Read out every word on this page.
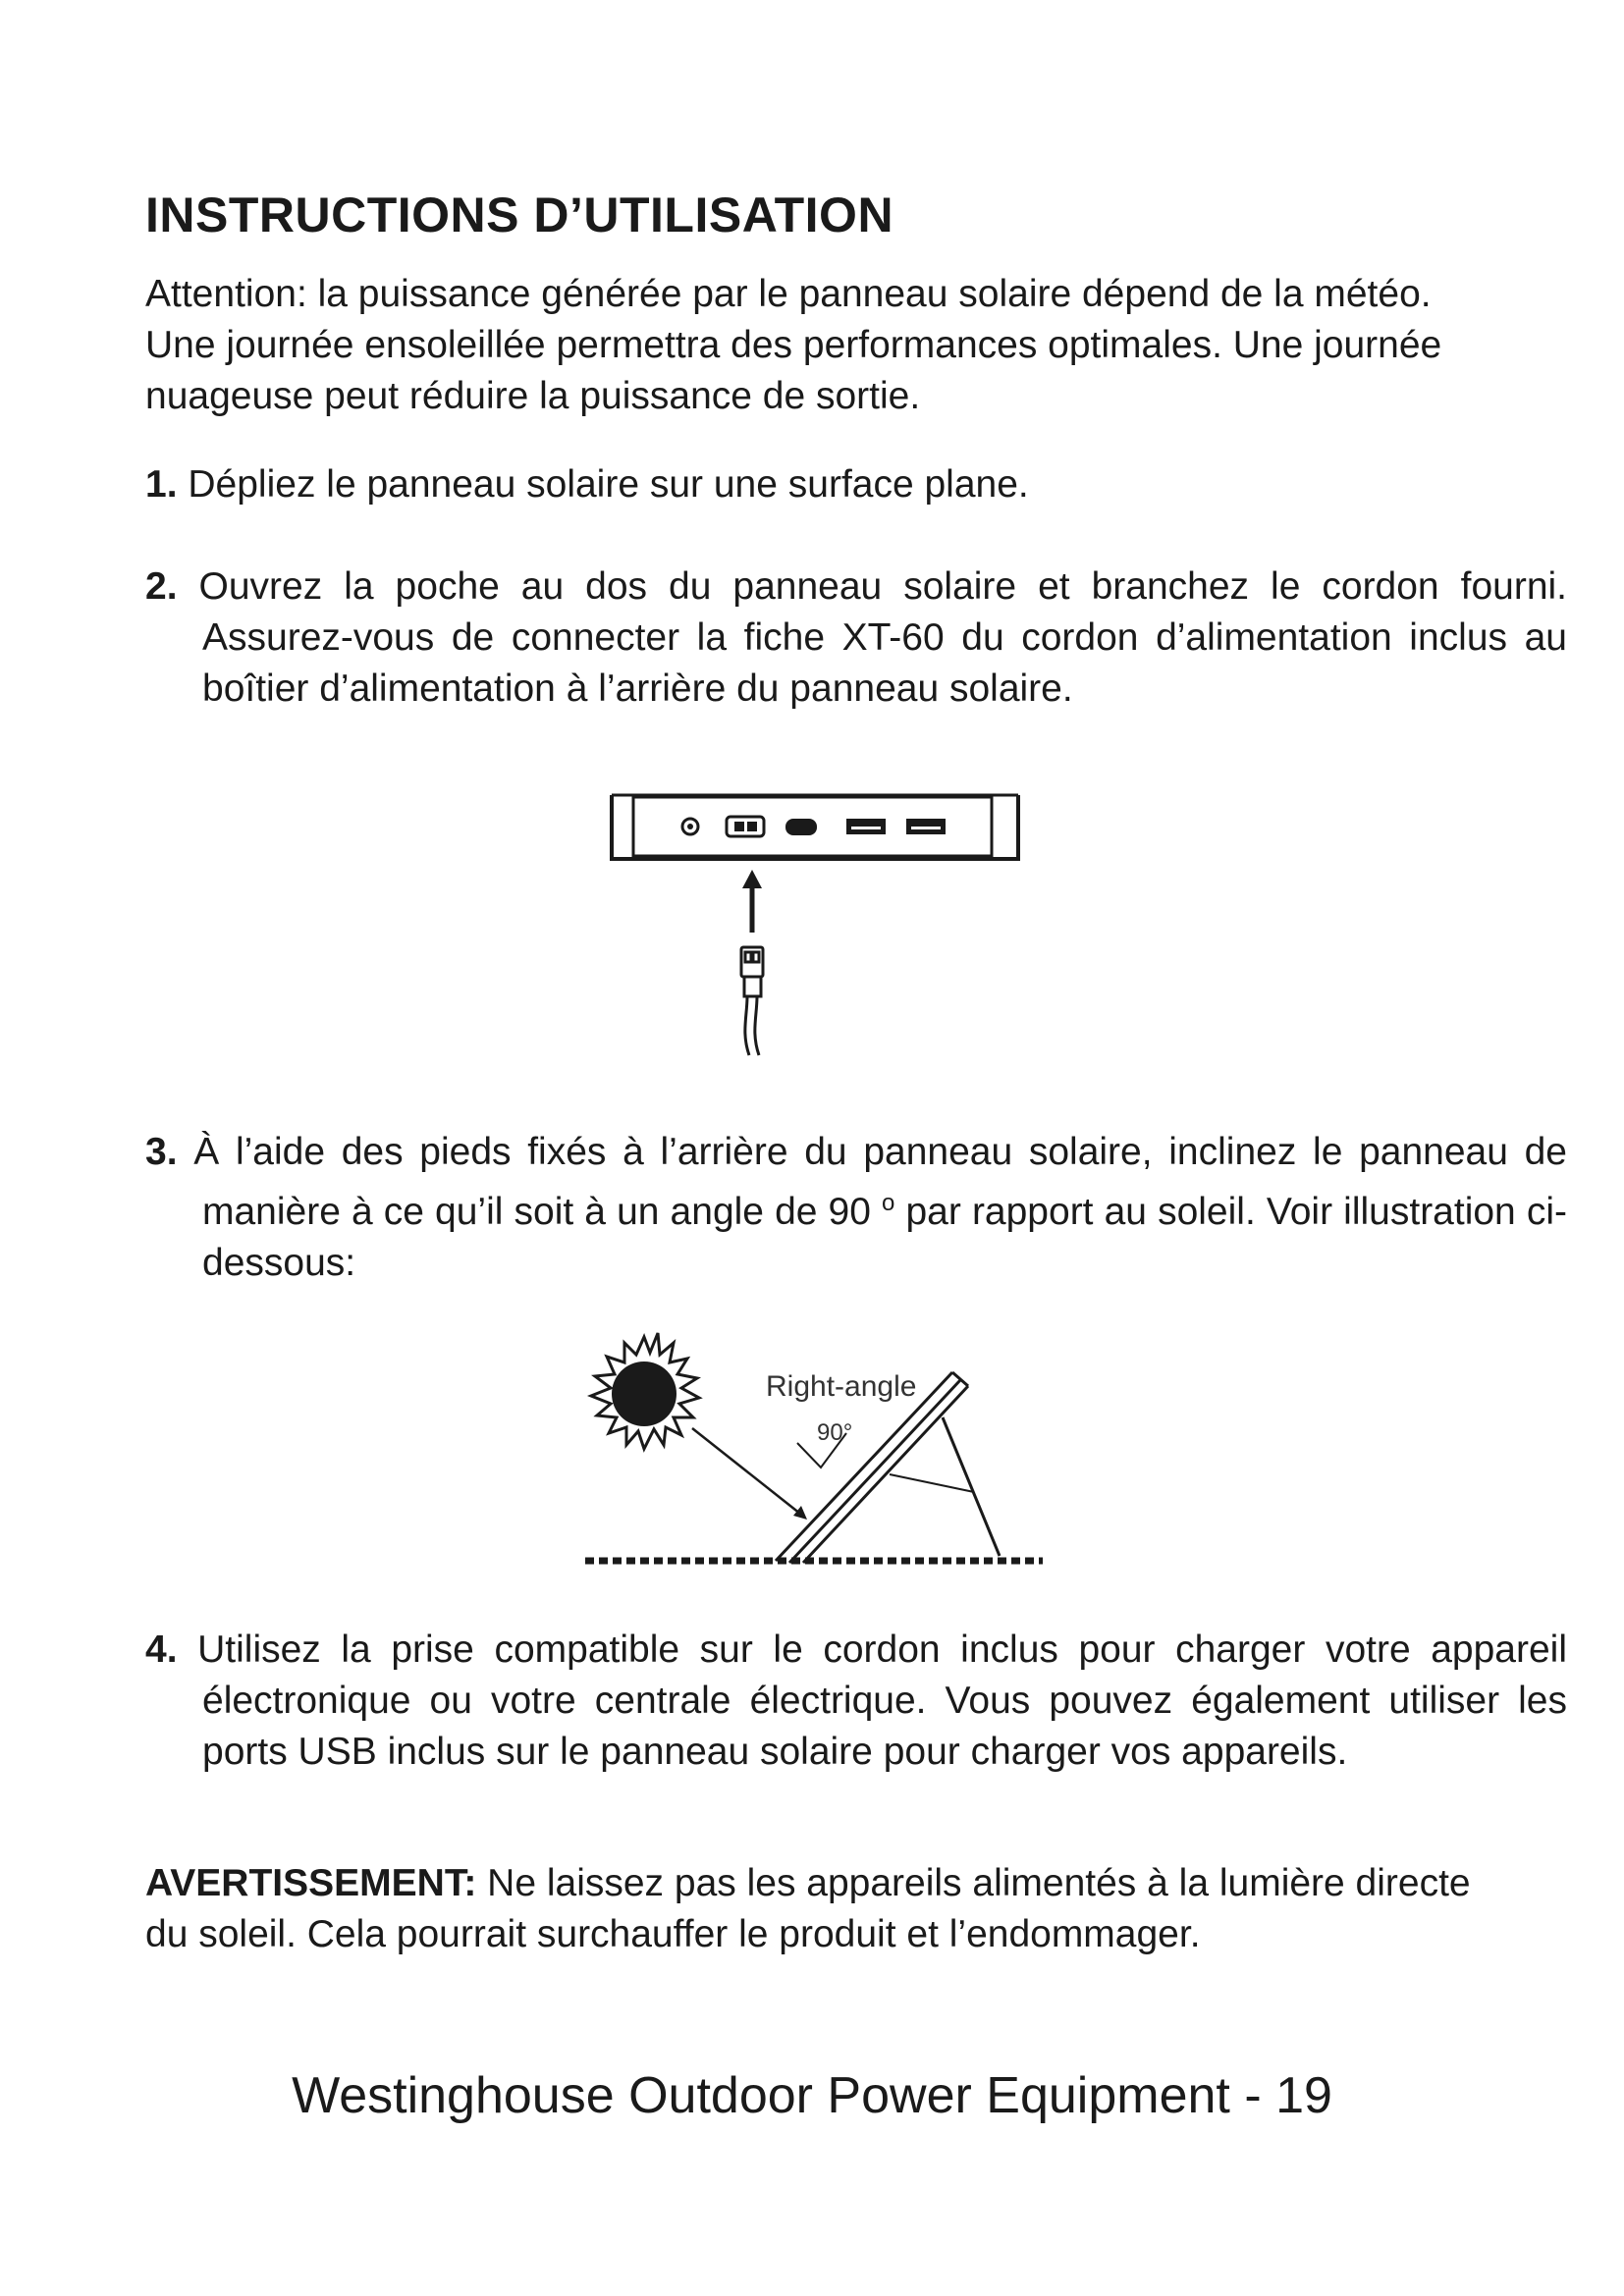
INSTRUCTIONS D’UTILISATION

Attention: la puissance générée par le panneau solaire dépend de la météo. Une journée ensoleillée permettra des performances optimales. Une journée nuageuse peut réduire la puissance de sortie.

1. Dépliez le panneau solaire sur une surface plane.

2. Ouvrez la poche au dos du panneau solaire et branchez le cordon fourni. Assurez-vous de connecter la fiche XT-60 du cordon d’alimentation inclus au boîtier d’alimentation à l’arrière du panneau solaire.

3. À l’aide des pieds fixés à l’arrière du panneau solaire, inclinez le panneau de manière à ce qu’il soit à un angle de 90 $^o$ par rapport au soleil. Voir illustration ci-dessous:

Right-angle
90°

4. Utilisez la prise compatible sur le cordon inclus pour charger votre appareil électronique ou votre centrale électrique. Vous pouvez également utiliser les ports USB inclus sur le panneau solaire pour charger vos appareils.

AVERTISSEMENT: Ne laissez pas les appareils alimentés à la lumière directe du soleil. Cela pourrait surchauffer le produit et l’endommager.

Westinghouse Outdoor Power Equipment - 19
